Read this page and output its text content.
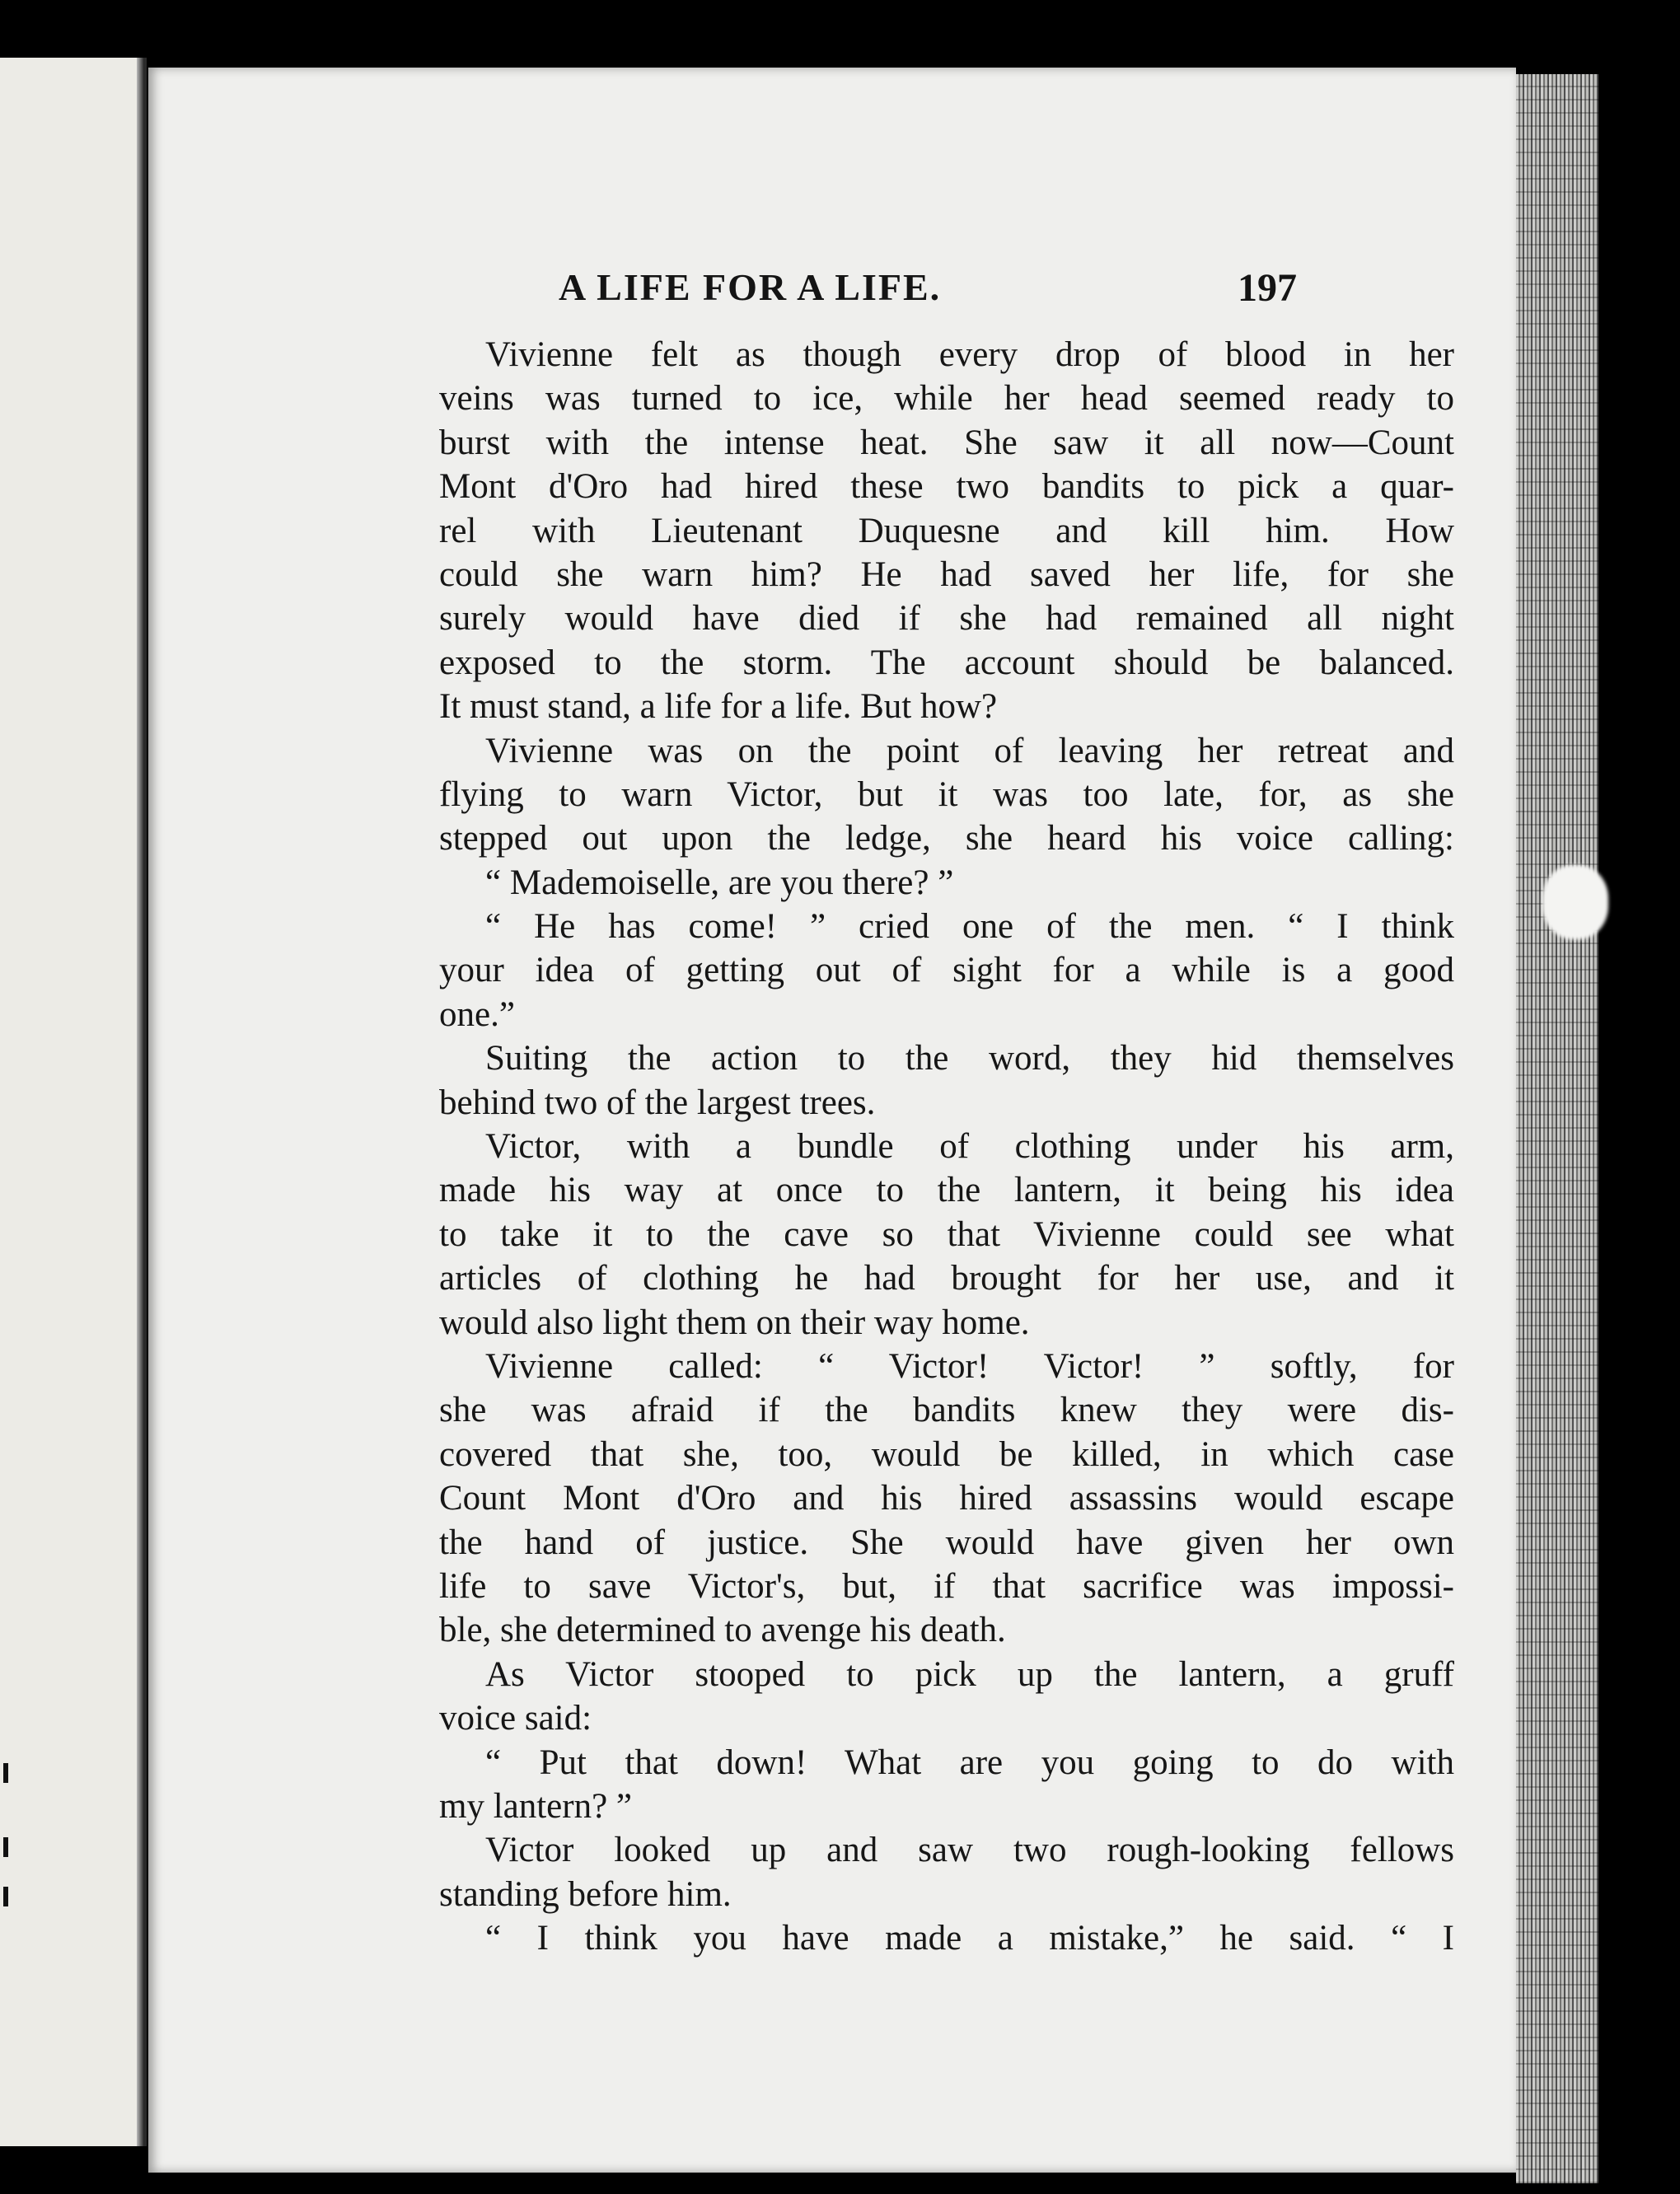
A LIFE FOR A LIFE.	197
Vivienne felt as though every drop of blood in her
veins was turned to ice, while her head seemed ready to
burst with the intense heat. She saw it all now—Count
Mont d'Oro had hired these two bandits to pick a quar-
rel with Lieutenant Duquesne and kill him. How
could she warn him? He had saved her life, for she
surely would have died if she had remained all night
exposed to the storm. The account should be balanced.
It must stand, a life for a life. But how?
Vivienne was on the point of leaving her retreat and
flying to warn Victor, but it was too late, for, as she
stepped out upon the ledge, she heard his voice calling:
“ Mademoiselle, are you there? ”
“ He has come! ” cried one of the men. “ I think
your idea of getting out of sight for a while is a good
one.”
Suiting the action to the word, they hid themselves
behind two of the largest trees.
Victor, with a bundle of clothing under his arm,
made his way at once to the lantern, it being his idea
to take it to the cave so that Vivienne could see what
articles of clothing he had brought for her use, and it
would also light them on their way home.
Vivienne called: “ Victor! Victor! ” softly, for
she was afraid if the bandits knew they were dis-
covered that she, too, would be killed, in which case
Count Mont d'Oro and his hired assassins would escape
the hand of justice. She would have given her own
life to save Victor's, but, if that sacrifice was impossi-
ble, she determined to avenge his death.
As Victor stooped to pick up the lantern, a gruff
voice said:
“ Put that down! What are you going to do with
my lantern? ”
Victor looked up and saw two rough-looking fellows
standing before him.
“ I think you have made a mistake,” he said. “ I
